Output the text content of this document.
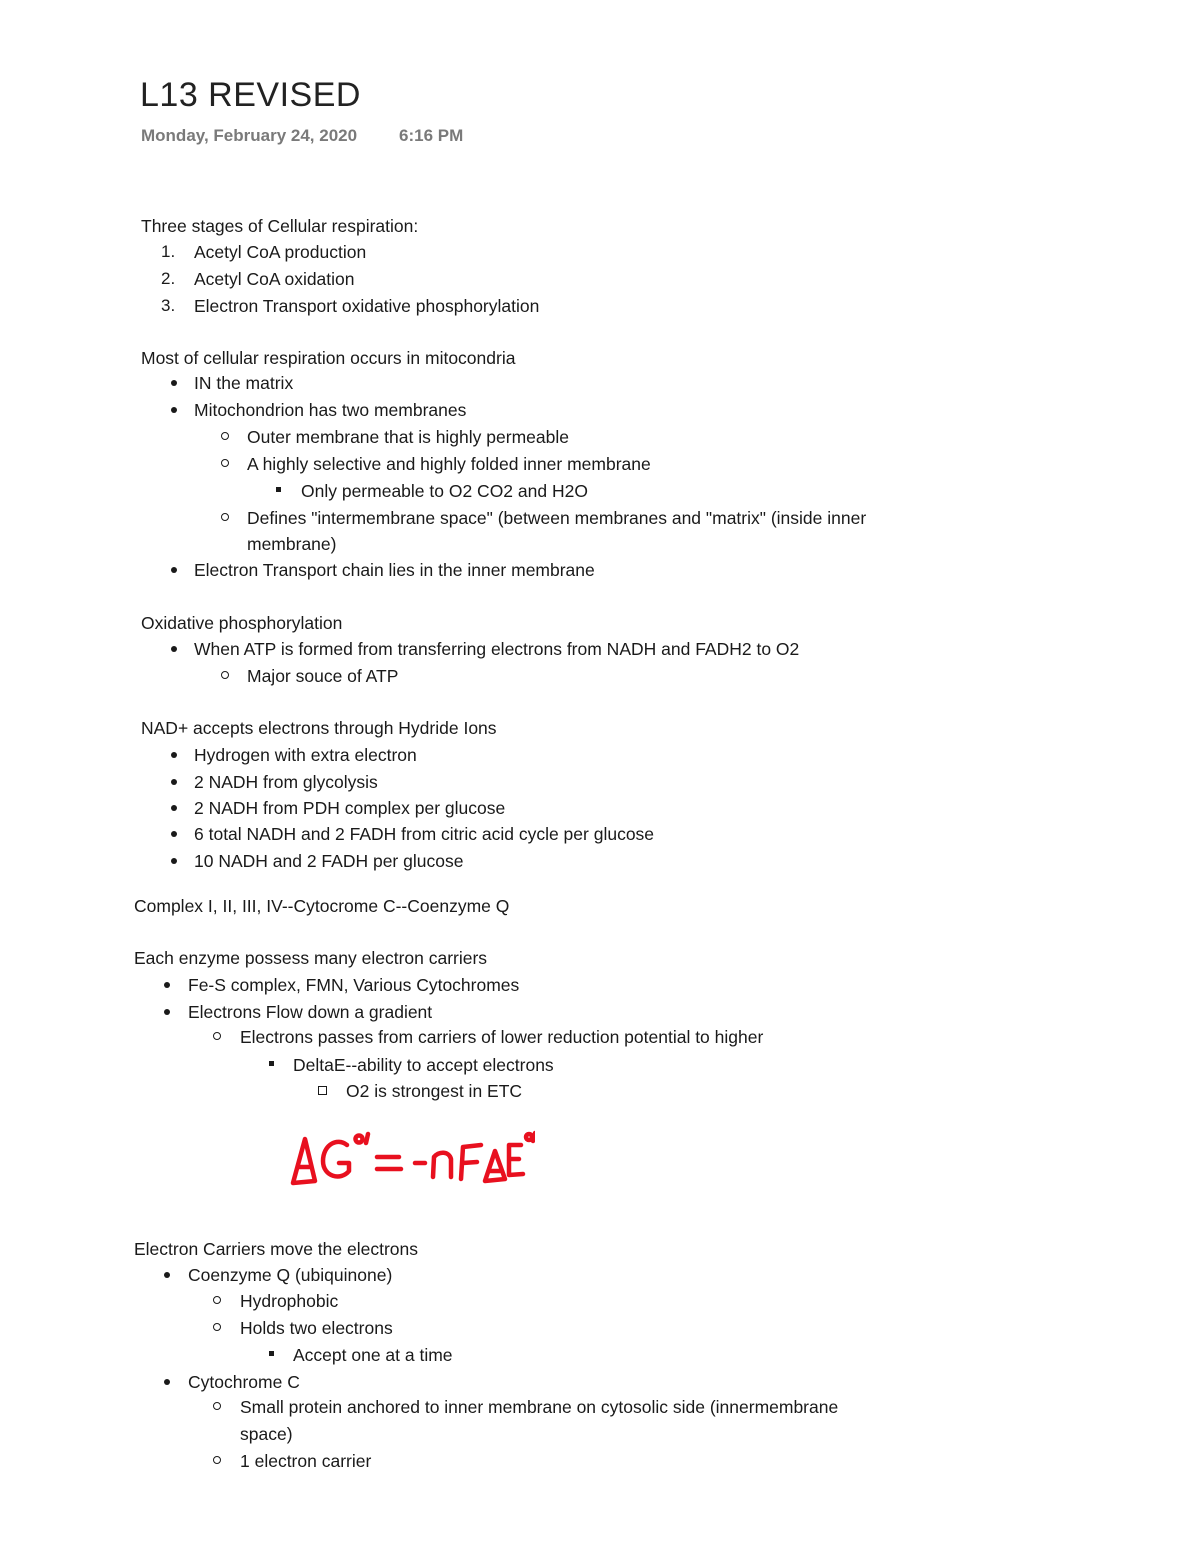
L13 REVISED
Monday, February 24, 2020 6:16 PM
Three stages of Cellular respiration:
1. Acetyl CoA production
2. Acetyl CoA oxidation
3. Electron Transport oxidative phosphorylation
Most of cellular respiration occurs in mitocondria
IN the matrix
Mitochondrion has two membranes
Outer membrane that is highly permeable
A highly selective and highly folded inner membrane
Only permeable to O2 CO2 and H2O
Defines "intermembrane space" (between membranes and "matrix" (inside inner
membrane)
Electron Transport chain lies in the inner membrane
Oxidative phosphorylation
When ATP is formed from transferring electrons from NADH and FADH2 to O2
Major souce of ATP
NAD+ accepts electrons through Hydride Ions
Hydrogen with extra electron
2 NADH from glycolysis
2 NADH from PDH complex per glucose
6 total NADH and 2 FADH from citric acid cycle per glucose
10 NADH and 2 FADH per glucose
Complex I, II, III, IV--Cytocrome C--Coenzyme Q
Each enzyme possess many electron carriers
Fe-S complex, FMN, Various Cytochromes
Electrons Flow down a gradient
Electrons passes from carriers of lower reduction potential to higher
DeltaE--ability to accept electrons
O2 is strongest in ETC
Electron Carriers move the electrons
Coenzyme Q (ubiquinone)
Hydrophobic
Holds two electrons
Accept one at a time
Cytochrome C
Small protein anchored to inner membrane on cytosolic side (innermembrane
space)
1 electron carrier
